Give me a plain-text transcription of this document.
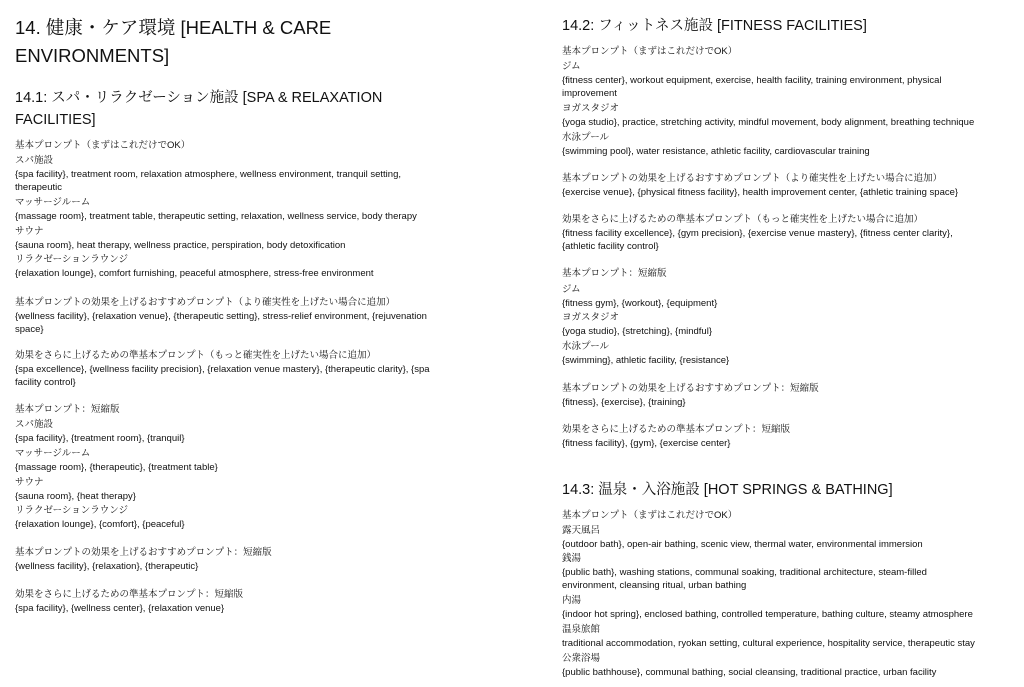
14. 健康・ケア環境 [HEALTH & CARE
ENVIRONMENTS]
14.1: スパ・リラクゼーション施設 [SPA & RELAXATION
FACILITIES]
基本プロンプト（まずはこれだけでOK）
スパ施設
{spa facility}, treatment room, relaxation atmosphere, wellness environment, tranquil setting,
therapeutic
マッサージルーム
{massage room}, treatment table, therapeutic setting, relaxation, wellness service, body therapy
サウナ
{sauna room}, heat therapy, wellness practice, perspiration, body detoxification
リラクゼーションラウンジ
{relaxation lounge}, comfort furnishing, peaceful atmosphere, stress-free environment
基本プロンプトの効果を上げるおすすめプロンプト（より確実性を上げたい場合に追加）
{wellness facility}, {relaxation venue}, {therapeutic setting}, stress-relief environment, {rejuvenation
space}
効果をさらに上げるための準基本プロンプト（もっと確実性を上げたい場合に追加）
{spa excellence}, {wellness facility precision}, {relaxation venue mastery}, {therapeutic clarity}, {spa
facility control}
基本プロンプト：短縮版
スパ施設
{spa facility}, {treatment room}, {tranquil}
マッサージルーム
{massage room}, {therapeutic}, {treatment table}
サウナ
{sauna room}, {heat therapy}
リラクゼーションラウンジ
{relaxation lounge}, {comfort}, {peaceful}
基本プロンプトの効果を上げるおすすめプロンプト：短縮版
{wellness facility}, {relaxation}, {therapeutic}
効果をさらに上げるための準基本プロンプト：短縮版
{spa facility}, {wellness center}, {relaxation venue}
14.2: フィットネス施設 [FITNESS FACILITIES]
基本プロンプト（まずはこれだけでOK）
ジム
{fitness center}, workout equipment, exercise, health facility, training environment, physical
improvement
ヨガスタジオ
{yoga studio}, practice, stretching activity, mindful movement, body alignment, breathing technique
水泳プール
{swimming pool}, water resistance, athletic facility, cardiovascular training
基本プロンプトの効果を上げるおすすめプロンプト（より確実性を上げたい場合に追加）
{exercise venue}, {physical fitness facility}, health improvement center, {athletic training space}
効果をさらに上げるための準基本プロンプト（もっと確実性を上げたい場合に追加）
{fitness facility excellence}, {gym precision}, {exercise venue mastery}, {fitness center clarity},
{athletic facility control}
基本プロンプト：短縮版
ジム
{fitness gym}, {workout}, {equipment}
ヨガスタジオ
{yoga studio}, {stretching}, {mindful}
水泳プール
{swimming}, athletic facility, {resistance}
基本プロンプトの効果を上げるおすすめプロンプト：短縮版
{fitness}, {exercise}, {training}
効果をさらに上げるための準基本プロンプト：短縮版
{fitness facility}, {gym}, {exercise center}
14.3: 温泉・入浴施設 [HOT SPRINGS & BATHING]
基本プロンプト（まずはこれだけでOK）
露天風呂
{outdoor bath}, open-air bathing, scenic view, thermal water, environmental immersion
銭湯
{public bath}, washing stations, communal soaking, traditional architecture, steam-filled
environment, cleansing ritual, urban bathing
内湯
{indoor hot spring}, enclosed bathing, controlled temperature, bathing culture, steamy atmosphere
温泉旅館
traditional accommodation, ryokan setting, cultural experience, hospitality service, therapeutic stay
公衆浴場
{public bathhouse}, communal bathing, social cleansing, traditional practice, urban facility
